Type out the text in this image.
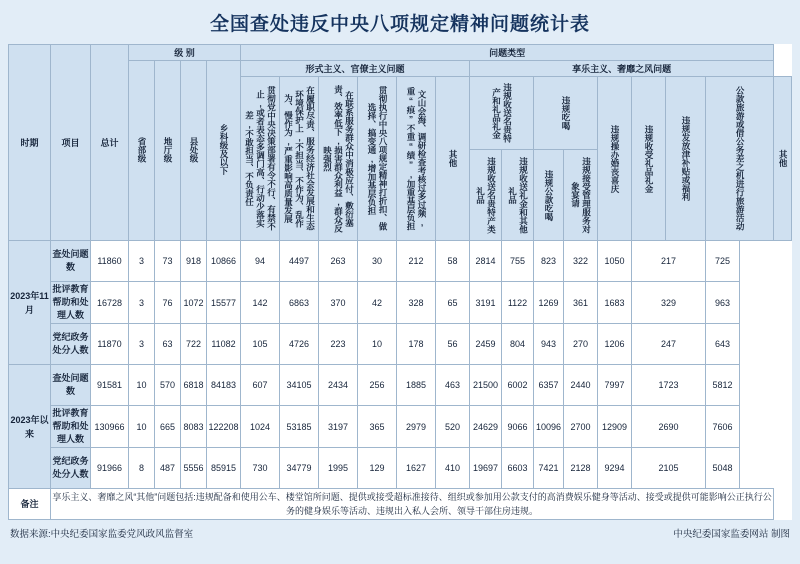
全国查处违反中央八项规定精神问题统计表
时期	项目	总计	级 别				问题类型														
			省部级	地厅级	县处级	乡科级及以下	形式主义、官僚主义问题						享乐主义、奢靡之风问题								

							贯彻党中央决策部署有令不行、有禁不止,或者表态多调门高、行动少落实差,不敢担当、不负责任	在履职尽责、服务经济社会发展和生态环境保护上,不担当、不作为、乱作为、慢作为,严重影响高质量发展	在联系服务群众中消极应付、敷衍塞责、效率低下,损害群众利益,群众反映强烈	贯彻执行中央八项规定精神打折扣、做选择、搞变通,增加基层负担	文山会海、调研检查考核过多过频,重“痕”不重“绩”,加重基层负担	其他	违规收送名贵特产和礼品礼金		违规吃喝		违规操办婚丧喜庆	违规收受礼品礼金	违规发放津补贴或福利	公款旅游或借公务差之机进行旅游活动	其他

													违规收送名贵特产类礼品	违规收送礼金和其他礼品	违规公款吃喝	违规接受管理服务对象宴请					

2023年11月	查处问题数	11860	3	73	918	10866	94	4497	263	30	212	58	2814	755	823	322	1050	217		725	
	批评教育帮助和处理人数	16728	3	76	1072	15577	142	6863	370	42	328	65	3191	1122	1269	361	1683	329		963	
	党纪政务处分人数	11870	3	63	722	11082	105	4726	223	10	178	56	2459	804	943	270	1206	247		643	
2023年以来	查处问题数	91581	10	570	6818	84183	607	34105	2434	256	1885	463	21500	6002	6357	2440	7997	1723		5812	
	批评教育帮助和处理人数	130966	10	665	8083	122208	1024	53185	3197	365	2979	520	24629	9066	10096	2700	12909	2690		7606	
	党纪政务处分人数	91966	8	487	5556	85915	730	34779	1995	129	1627	410	19697	6603	7421	2128	9294	2105		5048	
备注	享乐主义、奢靡之风“其他”问题包括:违规配备和使用公车、楼堂馆所问题、提供或接受超标准接待、组织或参加用公款支付的高消费娱乐健身等活动、接受或提供可能影响公正执行公务的健身娱乐等活动、违规出入私人会所、领导干部住房违规。																				
数据来源:中央纪委国家监委党风政风监督室	中央纪委国家监委网站 制图
